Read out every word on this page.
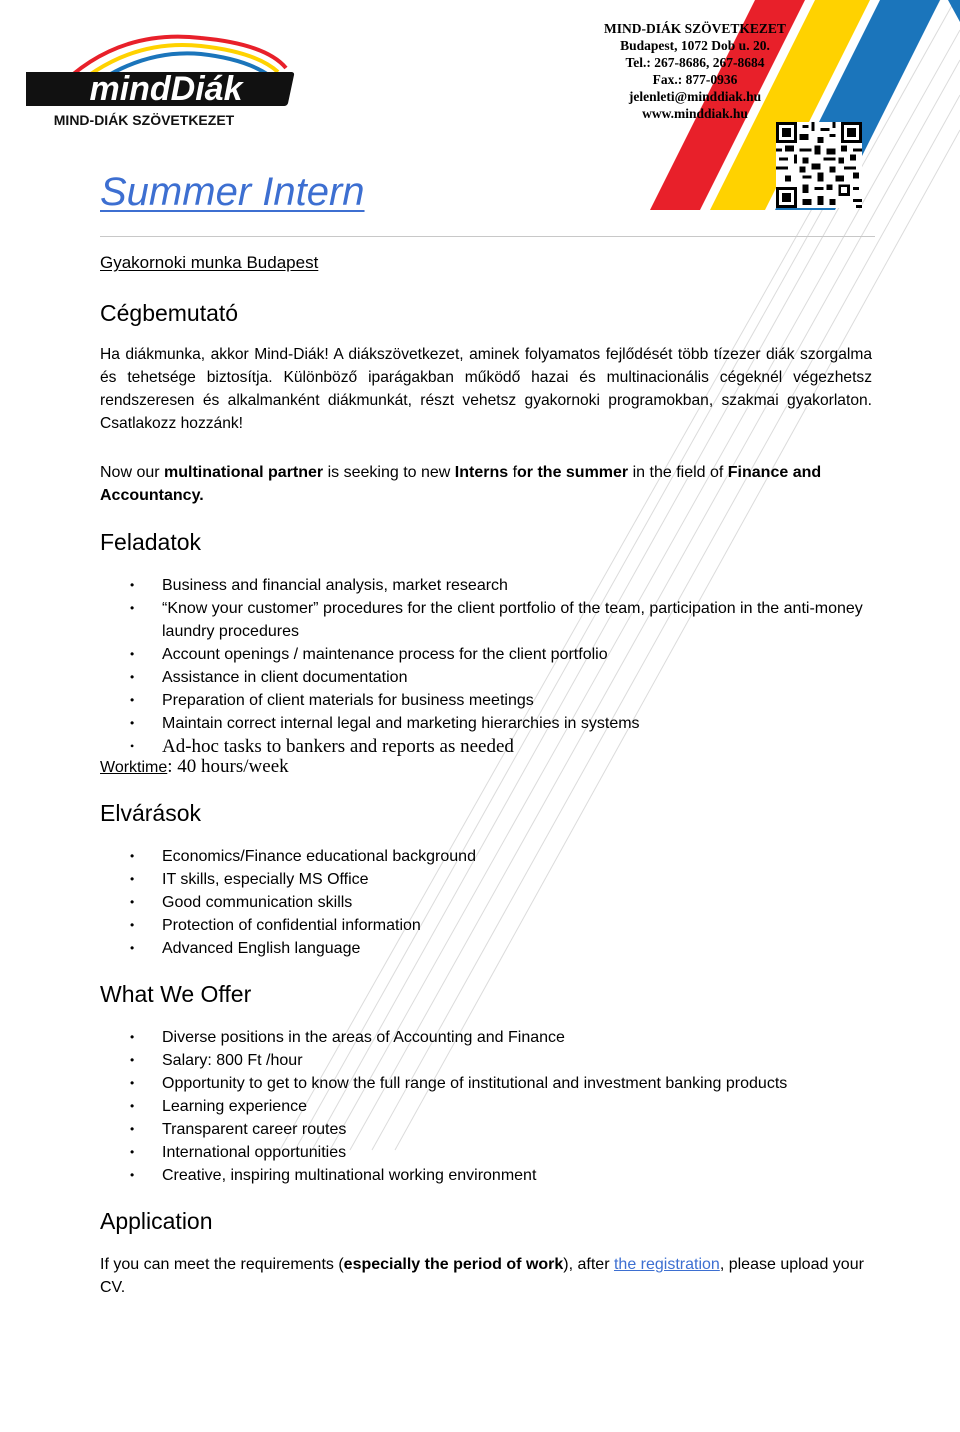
mindDiák
MIND-DIÁK SZÖVETKEZET
MIND-DIÁK SZÖVETKEZET
Budapest, 1072 Dob u. 20.
Tel.: 267-8686, 267-8684
Fax.: 877-0936
jelenleti@minddiak.hu
www.minddiak.hu
Summer Intern
Gyakornoki munka Budapest
Cégbemutató
Ha diákmunka, akkor Mind-Diák! A diákszövetkezet, aminek folyamatos fejlődését több tízezer diák szorgalma és tehetsége biztosítja. Különböző iparágakban működő hazai és multinacionális cégeknél végezhetsz rendszeresen és alkalmanként diákmunkát, részt vehetsz gyakornoki programokban, szakmai gyakorlaton. Csatlakozz hozzánk!
Now our multinational partner is seeking to new Interns for the summer in the field of Finance and Accountancy.
Feladatok
• Business and financial analysis, market research
• “Know your customer” procedures for the client portfolio of the team, participation in the anti-money laundry procedures
• Account openings / maintenance process for the client portfolio
• Assistance in client documentation
• Preparation of client materials for business meetings
• Maintain correct internal legal and marketing hierarchies in systems
• Ad-hoc tasks to bankers and reports as needed
Worktime: 40 hours/week
Elvárások
• Economics/Finance educational background
• IT skills, especially MS Office
• Good communication skills
• Protection of confidential information
• Advanced English language
What We Offer
• Diverse positions in the areas of Accounting and Finance
• Salary: 800 Ft /hour
• Opportunity to get to know the full range of institutional and investment banking products
• Learning experience
• Transparent career routes
• International opportunities
• Creative, inspiring multinational working environment
Application
If you can meet the requirements (especially the period of work), after the registration, please upload your CV.
